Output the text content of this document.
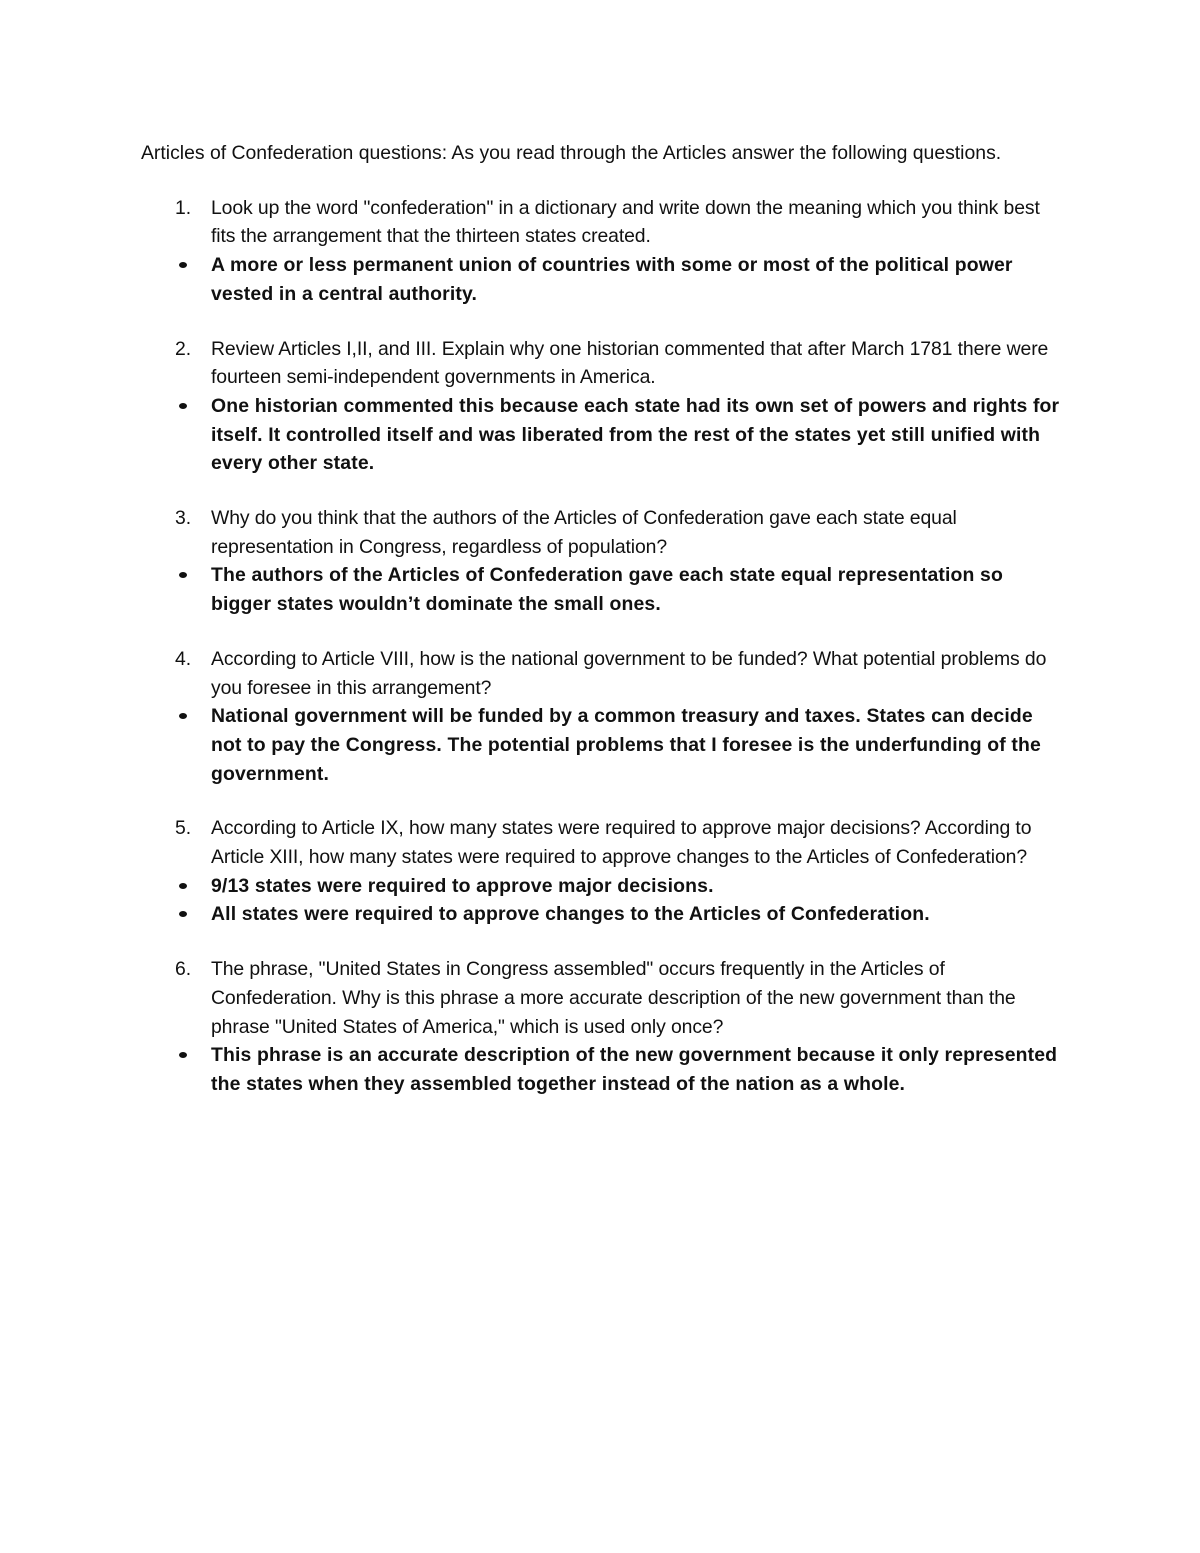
Articles of Confederation questions: As you read through the Articles answer the following questions.

1.	Look up the word "confederation" in a dictionary and write down the meaning which you think best fits the arrangement that the thirteen states created.
A more or less permanent union of countries with some or most of the political power vested in a central authority.
2.	Review Articles I,II, and III. Explain why one historian commented that after March 1781 there were fourteen semi-independent governments in America.
One historian commented this because each state had its own set of powers and rights for itself. It controlled itself and was liberated from the rest of the states yet still unified with every other state.
3.	Why do you think that the authors of the Articles of Confederation gave each state equal representation in Congress, regardless of population?
The authors of the Articles of Confederation gave each state equal representation so bigger states wouldn’t dominate the small ones.
4.	According to Article VIII, how is the national government to be funded? What potential problems do you foresee in this arrangement?
National government will be funded by a common treasury and taxes. States can decide not to pay the Congress. The potential problems that I foresee is the underfunding of the government.
5.	According to Article IX, how many states were required to approve major decisions? According to Article XIII, how many states were required to approve changes to the Articles of Confederation?
9/13 states were required to approve major decisions.
All states were required to approve changes to the Articles of Confederation.
6.	The phrase, "United States in Congress assembled" occurs frequently in the Articles of Confederation. Why is this phrase a more accurate description of the new government than the phrase "United States of America," which is used only once?
This phrase is an accurate description of the new government because it only represented the states when they assembled together instead of the nation as a whole.
